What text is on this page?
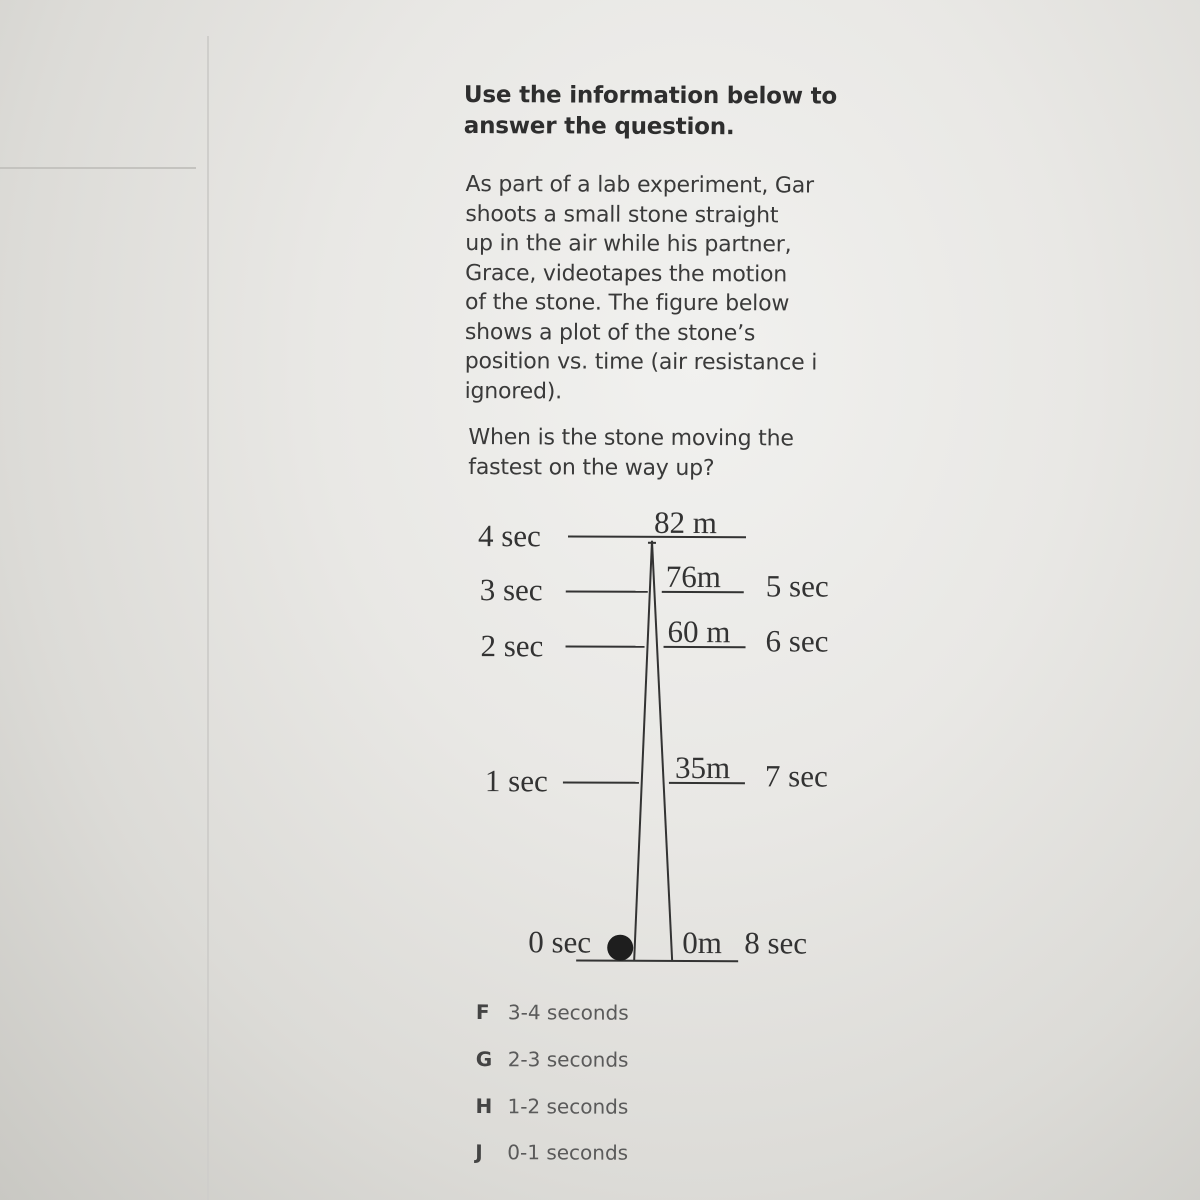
Use the information below to
answer the question.
As part of a lab experiment, Gar
shoots a small stone straight
up in the air while his partner,
Grace, videotapes the motion
of the stone. The figure below
shows a plot of the stone’s
position vs. time (air resistance i
ignored).
When is the stone moving the
fastest on the way up?
4 sec
3 sec
2 sec
1 sec
0 sec
82 m
76m
60 m
35m
0m
5 sec
6 sec
7 sec
8 sec
F 3-4 seconds
G 2-3 seconds
H 1-2 seconds
J 0-1 seconds
